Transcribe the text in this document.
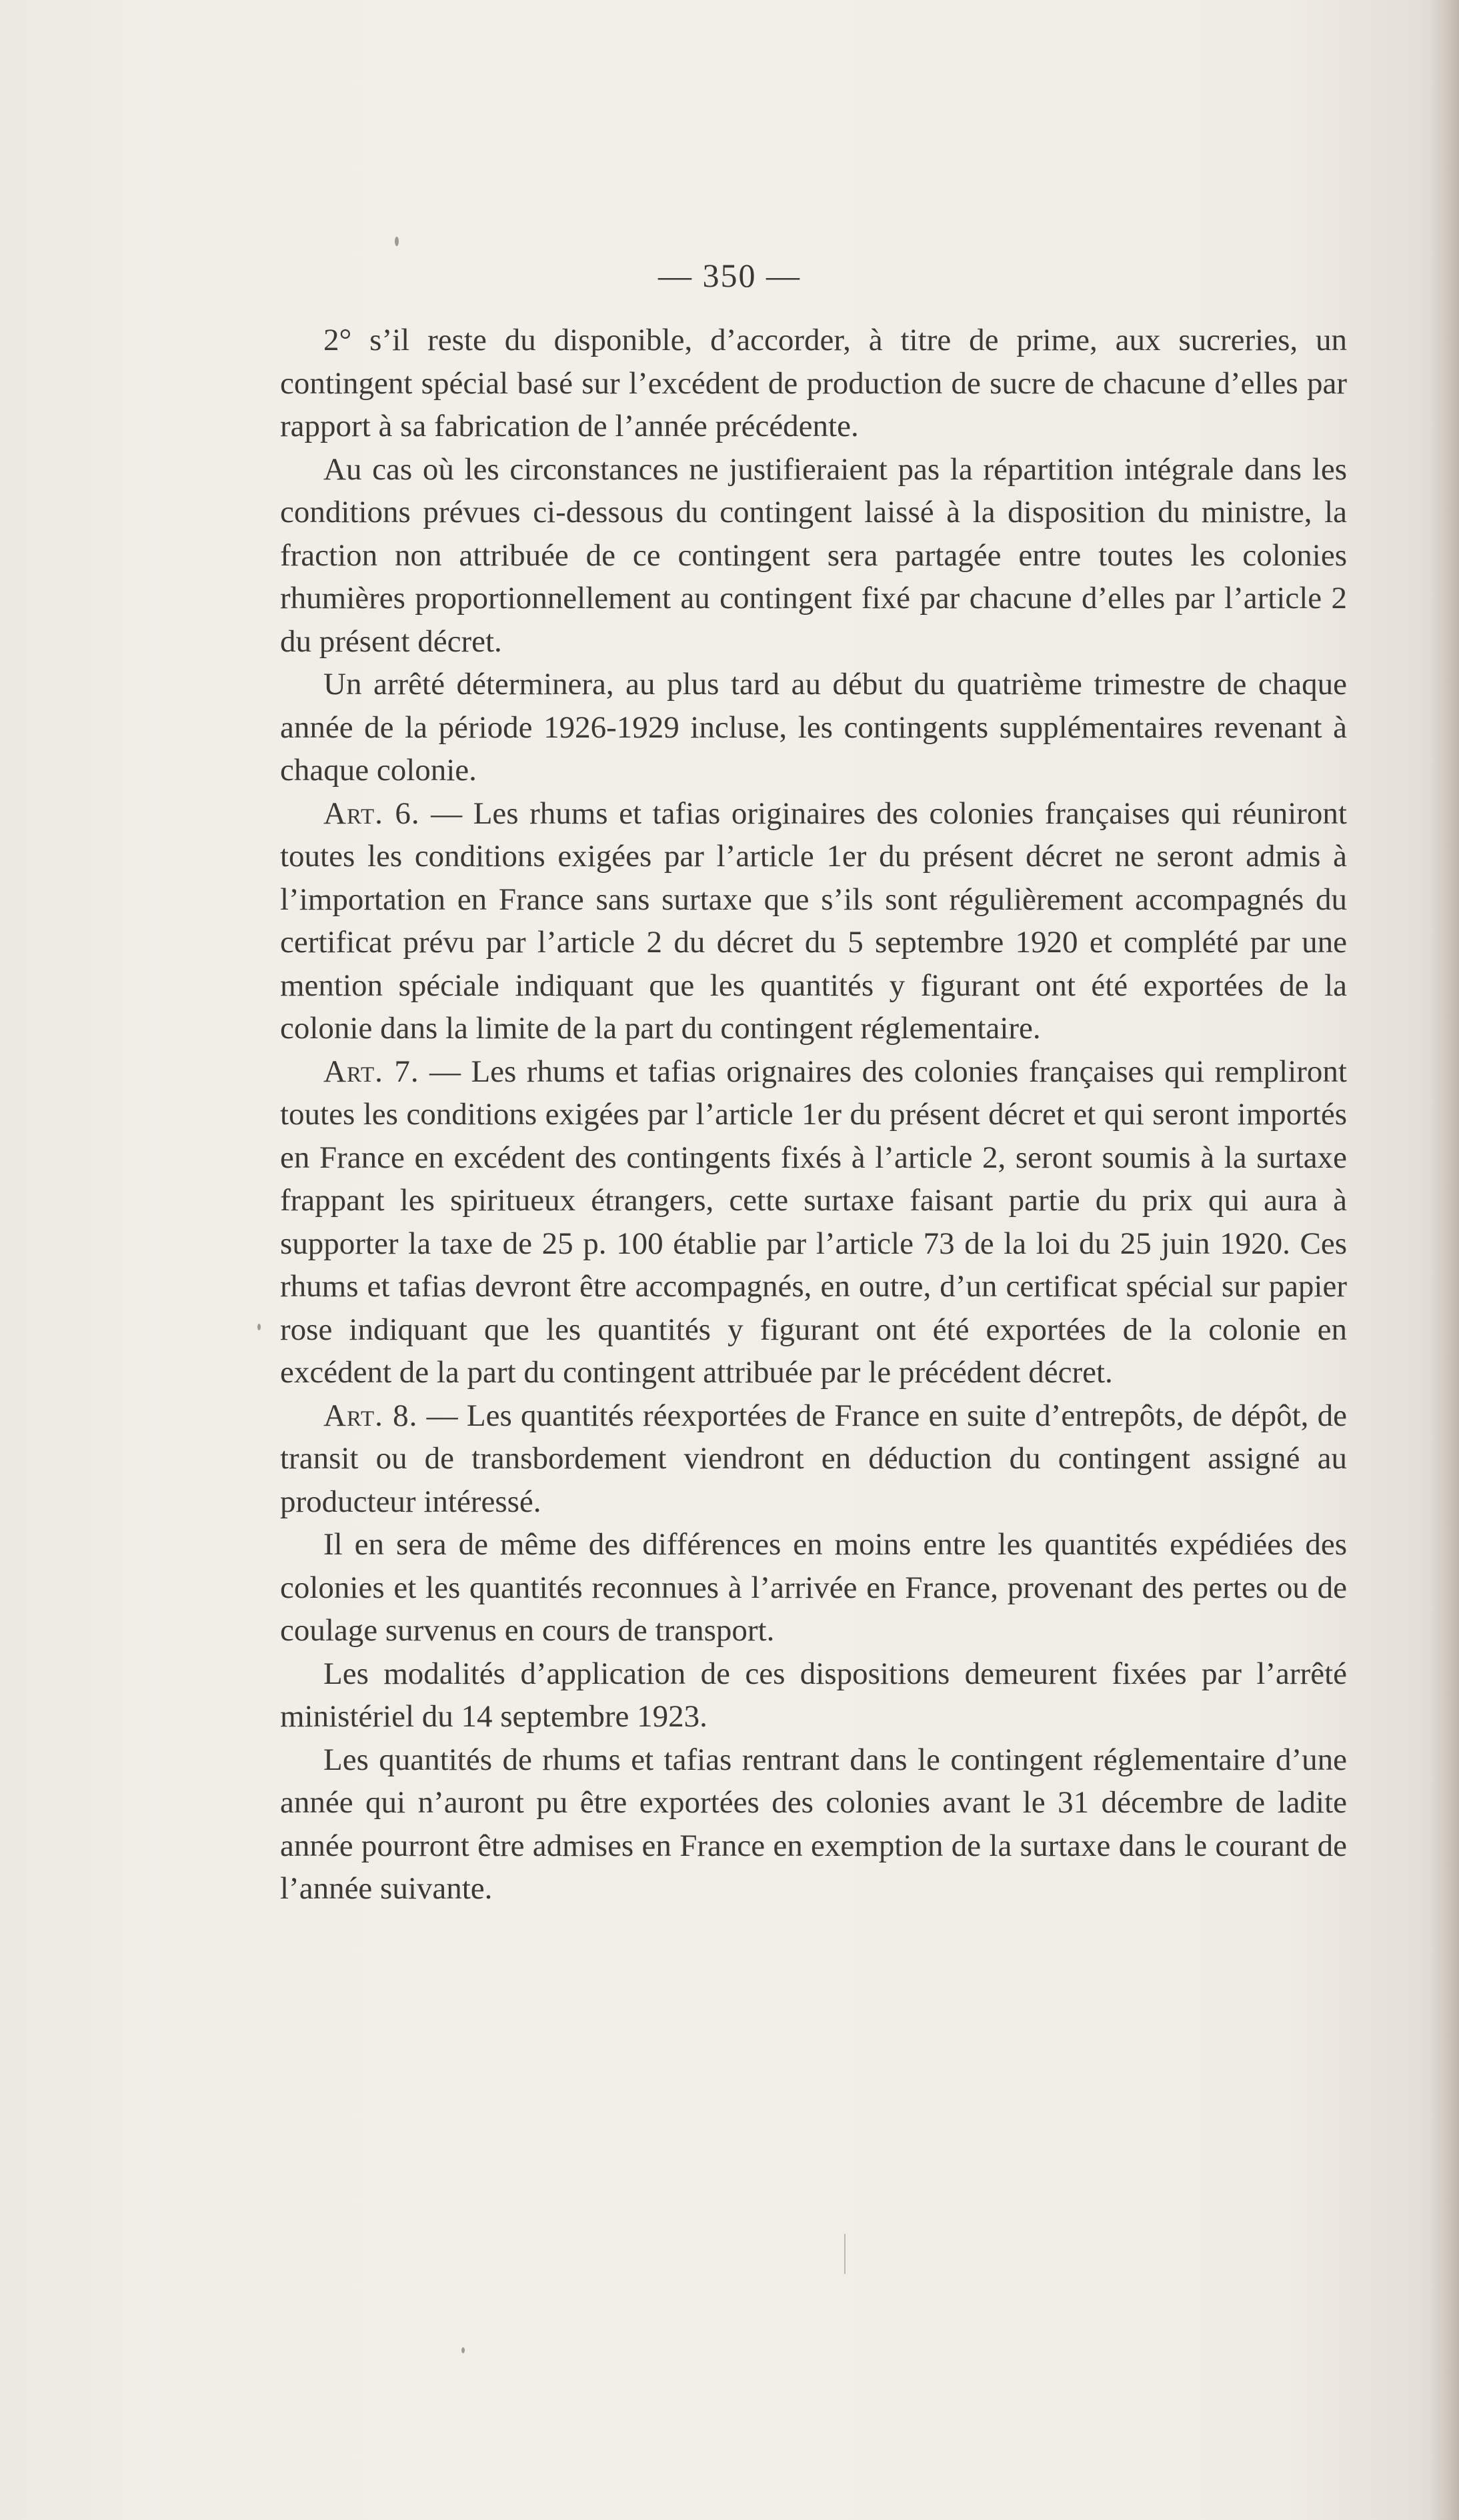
— 350 —

2° s’il reste du disponible, d’accorder, à titre de prime, aux sucreries, un contingent spécial basé sur l’excédent de production de sucre de chacune d’elles par rapport à sa fabrication de l’année précédente.

Au cas où les circonstances ne justifieraient pas la répartition intégrale dans les conditions prévues ci-dessous du contingent laissé à la disposition du ministre, la fraction non attribuée de ce contingent sera partagée entre toutes les colonies rhumières proportionnellement au contingent fixé par chacune d’elles par l’article 2 du présent décret.

Un arrêté déterminera, au plus tard au début du quatrième trimestre de chaque année de la période 1926-1929 incluse, les contingents supplémentaires revenant à chaque colonie.

Art. 6. — Les rhums et tafias originaires des colonies françaises qui réuniront toutes les conditions exigées par l’article 1er du présent décret ne seront admis à l’importation en France sans surtaxe que s’ils sont régulièrement accompagnés du certificat prévu par l’article 2 du décret du 5 septembre 1920 et complété par une mention spéciale indiquant que les quantités y figurant ont été exportées de la colonie dans la limite de la part du contingent réglementaire.

Art. 7. — Les rhums et tafias orignaires des colonies françaises qui rempliront toutes les conditions exigées par l’article 1er du présent décret et qui seront importés en France en excédent des contingents fixés à l’article 2, seront soumis à la surtaxe frappant les spiritueux étrangers, cette surtaxe faisant partie du prix qui aura à supporter la taxe de 25 p. 100 établie par l’article 73 de la loi du 25 juin 1920. Ces rhums et tafias devront être accompagnés, en outre, d’un certificat spécial sur papier rose indiquant que les quantités y figurant ont été exportées de la colonie en excédent de la part du contingent attribuée par le précédent décret.

Art. 8. — Les quantités réexportées de France en suite d’entrepôts, de dépôt, de transit ou de transbordement viendront en déduction du contingent assigné au producteur intéressé.

Il en sera de même des différences en moins entre les quantités expédiées des colonies et les quantités reconnues à l’arrivée en France, provenant des pertes ou de coulage survenus en cours de transport.

Les modalités d’application de ces dispositions demeurent fixées par l’arrêté ministériel du 14 septembre 1923.

Les quantités de rhums et tafias rentrant dans le contingent réglementaire d’une année qui n’auront pu être exportées des colonies avant le 31 décembre de ladite année pourront être admises en France en exemption de la surtaxe dans le courant de l’année suivante.
